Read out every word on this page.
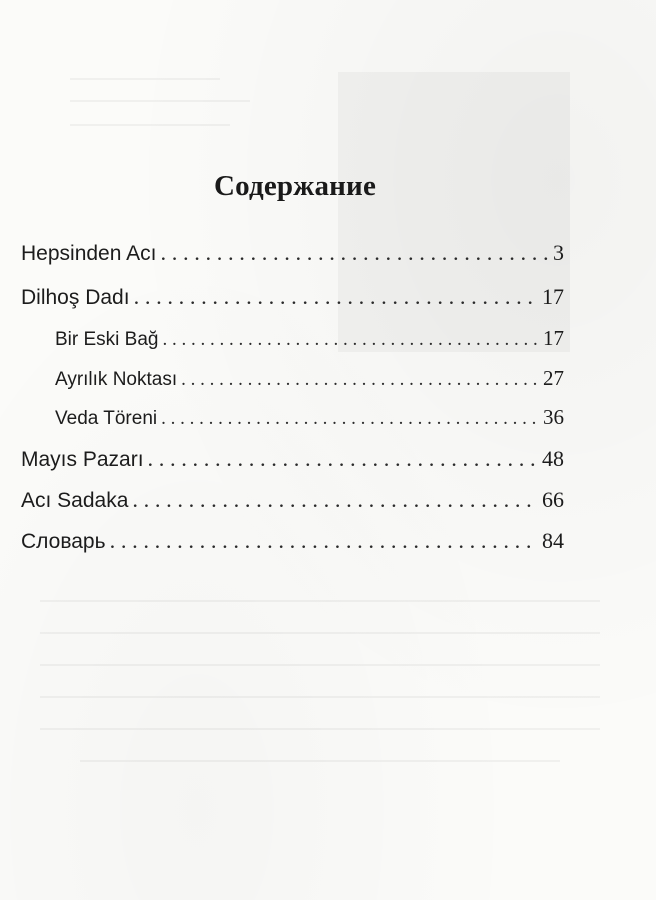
Содержание
Hepsinden Acı . . .	3
Dilhoş Dadı . . .	17
Bir Eski Bağ . . .	17
Ayrılık Noktası . . .	27
Veda Töreni . . .	36
Mayıs Pazarı . . .	48
Acı Sadaka . . .	66
Словарь . . .	84
